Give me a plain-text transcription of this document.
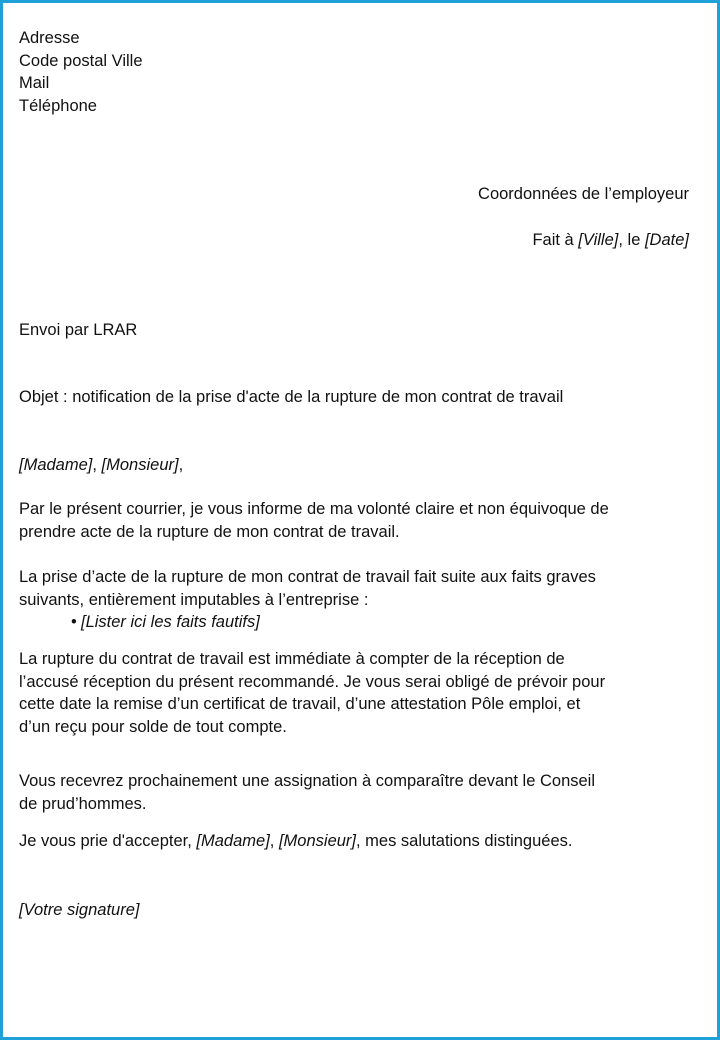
Adresse
Code postal Ville
Mail
Téléphone
Coordonnées de l’employeur
Fait à [Ville], le [Date]
Envoi par LRAR
Objet : notification de la prise d'acte de la rupture de mon contrat de travail
[Madame], [Monsieur],
Par le présent courrier, je vous informe de ma volonté claire et non équivoque de
prendre acte de la rupture de mon contrat de travail.
La prise d’acte de la rupture de mon contrat de travail fait suite aux faits graves
suivants, entièrement imputables à l’entreprise :
• [Lister ici les faits fautifs]
La rupture du contrat de travail est immédiate à compter de la réception de
l’accusé réception du présent recommandé. Je vous serai obligé de prévoir pour
cette date la remise d’un certificat de travail, d’une attestation Pôle emploi, et
d’un reçu pour solde de tout compte.
Vous recevrez prochainement une assignation à comparaître devant le Conseil
de prud’hommes.
Je vous prie d'accepter, [Madame], [Monsieur], mes salutations distinguées.
[Votre signature]
